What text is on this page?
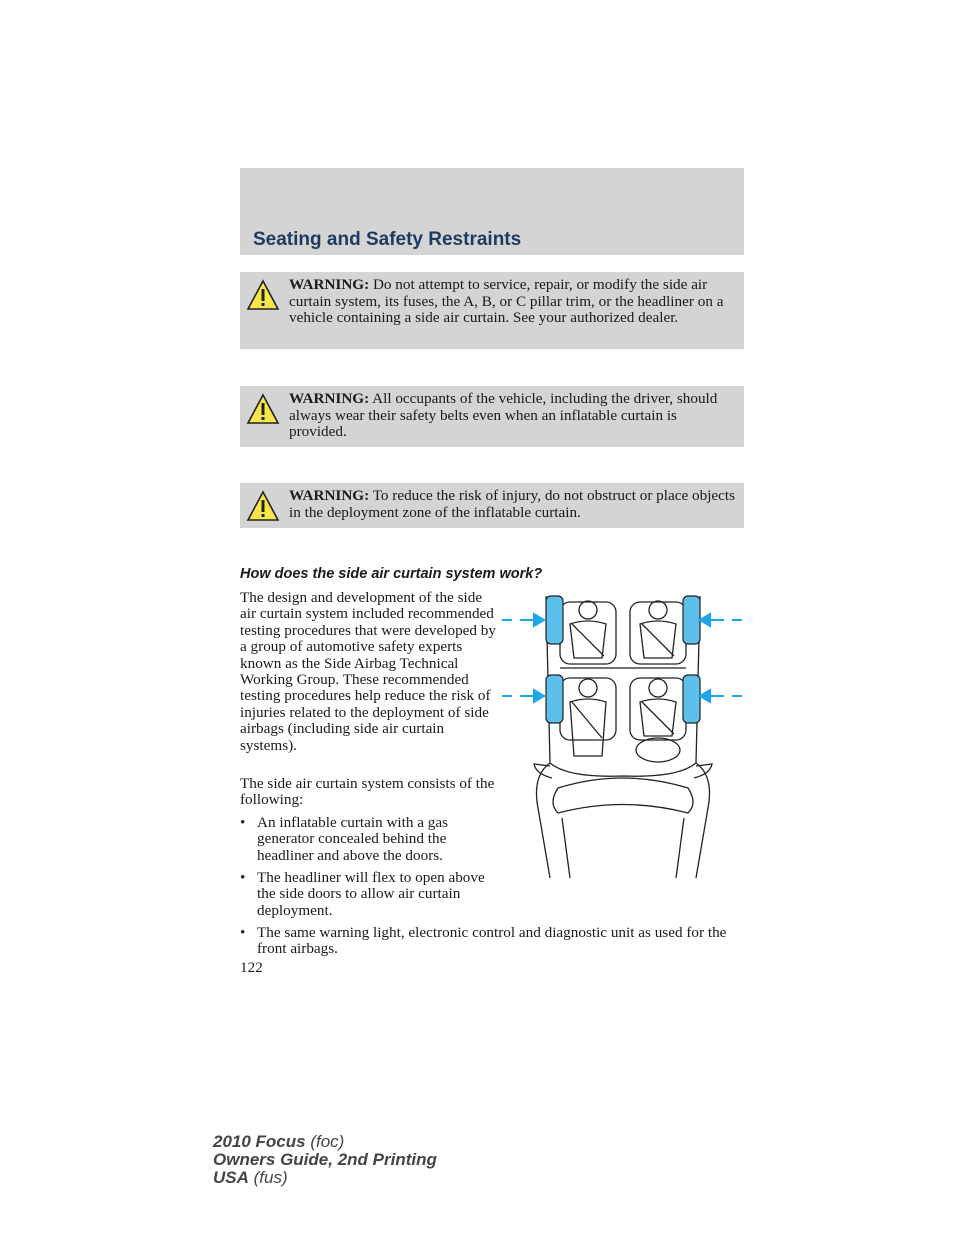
Seating and Safety Restraints
WARNING: Do not attempt to service, repair, or modify the side air curtain system, its fuses, the A, B, or C pillar trim, or the headliner on a vehicle containing a side air curtain. See your authorized dealer.
WARNING: All occupants of the vehicle, including the driver, should always wear their safety belts even when an inflatable curtain is provided.
WARNING: To reduce the risk of injury, do not obstruct or place objects in the deployment zone of the inflatable curtain.
How does the side air curtain system work?
The design and development of the side air curtain system included recommended testing procedures that were developed by a group of automotive safety experts known as the Side Airbag Technical Working Group. These recommended testing procedures help reduce the risk of injuries related to the deployment of side airbags (including side air curtain systems).
The side air curtain system consists of the following:
• An inflatable curtain with a gas generator concealed behind the headliner and above the doors.
• The headliner will flex to open above the side doors to allow air curtain deployment.
• The same warning light, electronic control and diagnostic unit as used for the front airbags.
122
2010 Focus (foc)
Owners Guide, 2nd Printing
USA (fus)
